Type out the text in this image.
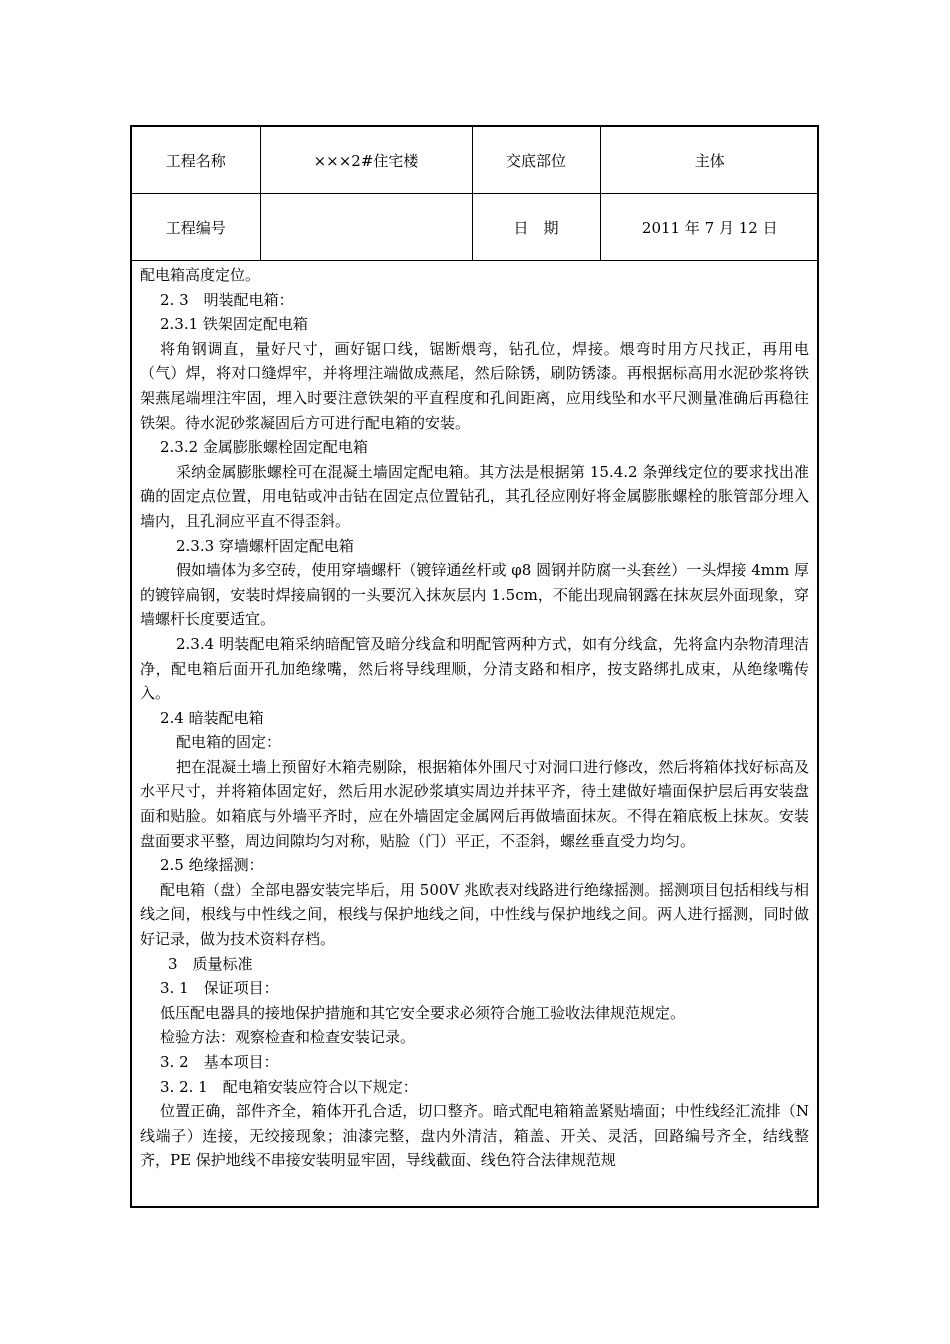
工程名称	×××2#住宅楼	交底部位	主体
工程编号		日　期	2011 年 7 月 12 日

配电箱高度定位。

2. 3　明装配电箱：

2.3.1 铁架固定配电箱

将角钢调直，量好尺寸，画好锯口线，锯断煨弯，钻孔位，焊接。煨弯时用方尺找正，再用电（气）焊，将对口缝焊牢，并将埋注端做成燕尾，然后除锈，刷防锈漆。再根据标高用水泥砂浆将铁架燕尾端埋注牢固，埋入时要注意铁架的平直程度和孔间距离，应用线坠和水平尺测量准确后再稳往铁架。待水泥砂浆凝固后方可进行配电箱的安装。

2.3.2 金属膨胀螺栓固定配电箱

采纳金属膨胀螺栓可在混凝土墙固定配电箱。其方法是根据第 15.4.2 条弹线定位的要求找出准确的固定点位置，用电钻或冲击钻在固定点位置钻孔，其孔径应刚好将金属膨胀螺栓的胀管部分埋入墙内，且孔洞应平直不得歪斜。

2.3.3 穿墙螺杆固定配电箱

假如墙体为多空砖，使用穿墙螺杆（镀锌通丝杆或 φ8 圆钢并防腐一头套丝）一头焊接 4mm 厚的镀锌扁钢，安装时焊接扁钢的一头要沉入抹灰层内 1.5cm，不能出现扁钢露在抹灰层外面现象，穿墙螺杆长度要适宜。

2.3.4 明装配电箱采纳暗配管及暗分线盒和明配管两种方式，如有分线盒，先将盒内杂物清理洁净，配电箱后面开孔加绝缘嘴，然后将导线理顺，分清支路和相序，按支路绑扎成束，从绝缘嘴传入。

2.4 暗装配电箱

配电箱的固定：

把在混凝土墙上预留好木箱壳剔除，根据箱体外围尺寸对洞口进行修改，然后将箱体找好标高及水平尺寸，并将箱体固定好，然后用水泥砂浆填实周边并抹平齐，待土建做好墙面保护层后再安装盘面和贴脸。如箱底与外墙平齐时，应在外墙固定金属网后再做墙面抹灰。不得在箱底板上抹灰。安装盘面要求平整，周边间隙均匀对称，贴脸（门）平正，不歪斜，螺丝垂直受力均匀。

2.5 绝缘摇测：

配电箱（盘）全部电器安装完毕后，用 500V 兆欧表对线路进行绝缘摇测。摇测项目包括相线与相线之间，根线与中性线之间，根线与保护地线之间，中性线与保护地线之间。两人进行摇测，同时做好记录，做为技术资料存档。

3　质量标准

3. 1　保证项目：

低压配电器具的接地保护措施和其它安全要求必须符合施工验收法律规范规定。

检验方法：观察检查和检查安装记录。

3. 2　基本项目：

3. 2. 1　配电箱安装应符合以下规定：

位置正确，部件齐全，箱体开孔合适，切口整齐。暗式配电箱箱盖紧贴墙面；中性线经汇流排（N 线端子）连接，无绞接现象；油漆完整，盘内外清洁，箱盖、开关、灵活，回路编号齐全，结线整齐，PE 保护地线不串接安装明显牢固，导线截面、线色符合法律规范规
